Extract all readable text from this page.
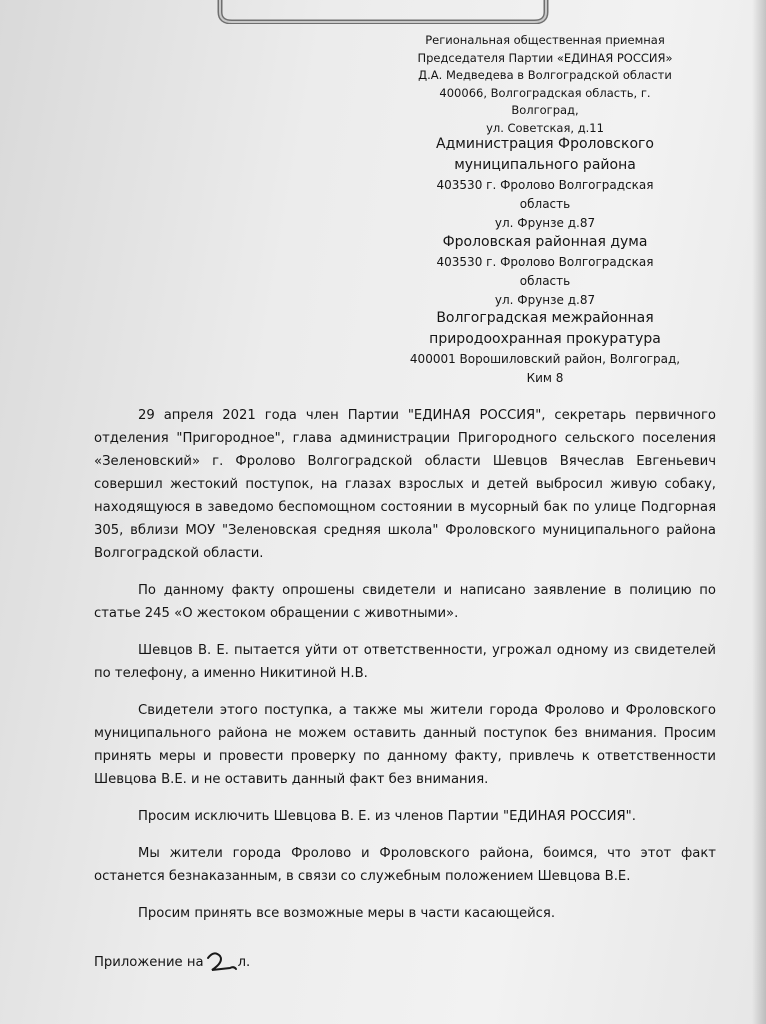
Региональная общественная приемная
Председателя Партии «ЕДИНАЯ РОССИЯ»
Д.А. Медведева в Волгоградской области
400066, Волгоградская область, г. Волгоград,
ул. Советская, д.11
Администрация Фроловского
муниципального района
403530 г. Фролово Волгоградская область
ул. Фрунзе д.87
Фроловская районная дума
403530 г. Фролово Волгоградская область
ул. Фрунзе д.87
Волгоградская межрайонная
природоохранная прокуратура
400001 Ворошиловский район, Волгоград,
Ким 8

29 апреля 2021 года член Партии "ЕДИНАЯ РОССИЯ", секретарь первичного отделения "Пригородное", глава администрации Пригородного сельского поселения «Зеленовский» г. Фролово Волгоградской области Шевцов Вячеслав Евгеньевич совершил жестокий поступок, на глазах взрослых и детей выбросил живую собаку, находящуюся в заведомо беспомощном состоянии в мусорный бак по улице Подгорная 305, вблизи МОУ "Зеленовская средняя школа" Фроловского муниципального района Волгоградской области.

По данному факту опрошены свидетели и написано заявление в полицию по статье 245 «О жестоком обращении с животными».

Шевцов В. Е. пытается уйти от ответственности, угрожал одному из свидетелей по телефону, а именно Никитиной Н.В.

Свидетели этого поступка, а также мы жители города Фролово и Фроловского муниципального района не можем оставить данный поступок без внимания. Просим принять меры и провести проверку по данному факту, привлечь к ответственности Шевцова В.Е. и не оставить данный факт без внимания.

Просим исключить Шевцова В. Е. из членов Партии "ЕДИНАЯ РОССИЯ".

Мы жители города Фролово и Фроловского района, боимся, что этот факт останется безнаказанным, в связи со служебным положением Шевцова В.Е.

Просим принять все возможные меры в части касающейся.

Приложение на	л.
